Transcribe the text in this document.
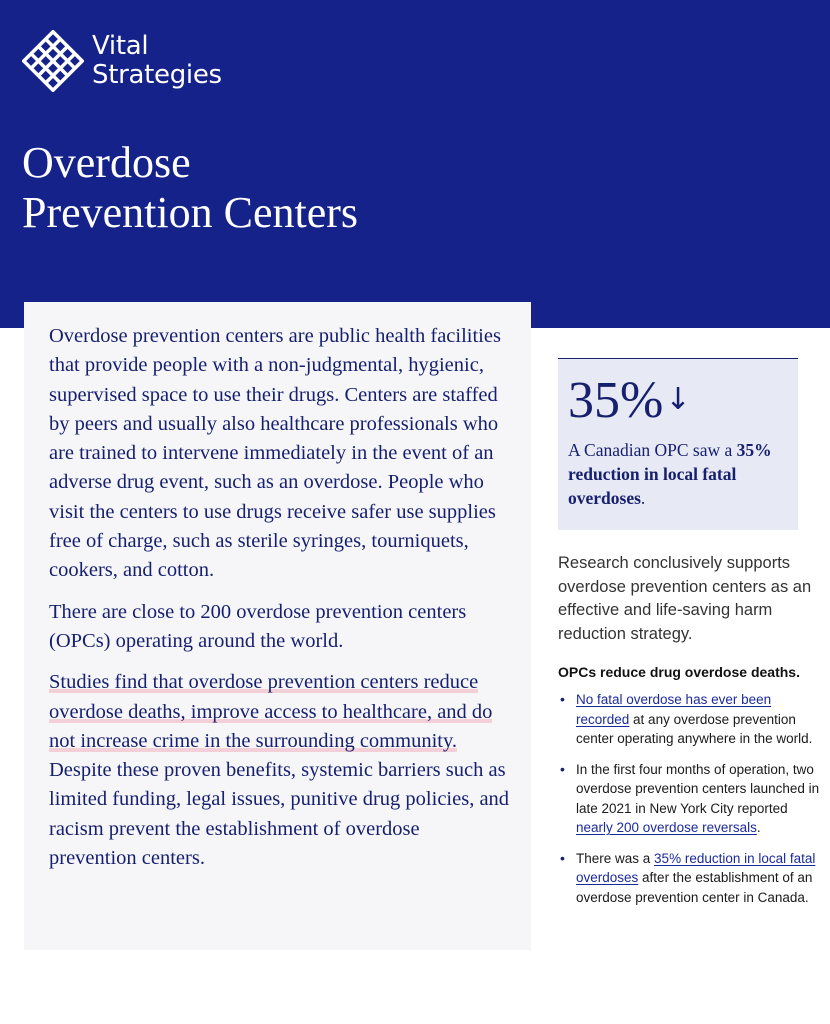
Vital
Strategies
Overdose
Prevention Centers

Overdose prevention centers are public health facilities that provide people with a non-judgmental, hygienic, supervised space to use their drugs. Centers are staffed by peers and usually also healthcare professionals who are trained to intervene immediately in the event of an adverse drug event, such as an overdose. People who visit the centers to use drugs receive safer use supplies free of charge, such as sterile syringes, tourniquets, cookers, and cotton.

There are close to 200 overdose prevention centers (OPCs) operating around the world.

Studies find that overdose prevention centers reduce overdose deaths, improve access to healthcare, and do not increase crime in the surrounding community. Despite these proven benefits, systemic barriers such as limited funding, legal issues, punitive drug policies, and racism prevent the establishment of overdose prevention centers.

35%↓
A Canadian OPC saw a 35% reduction in local fatal overdoses.

Research conclusively supports overdose prevention centers as an effective and life-saving harm reduction strategy.

OPCs reduce drug overdose deaths.
• No fatal overdose has ever been recorded at any overdose prevention center operating anywhere in the world.
• In the first four months of operation, two overdose prevention centers launched in late 2021 in New York City reported nearly 200 overdose reversals.
• There was a 35% reduction in local fatal overdoses after the establishment of an overdose prevention center in Canada.
